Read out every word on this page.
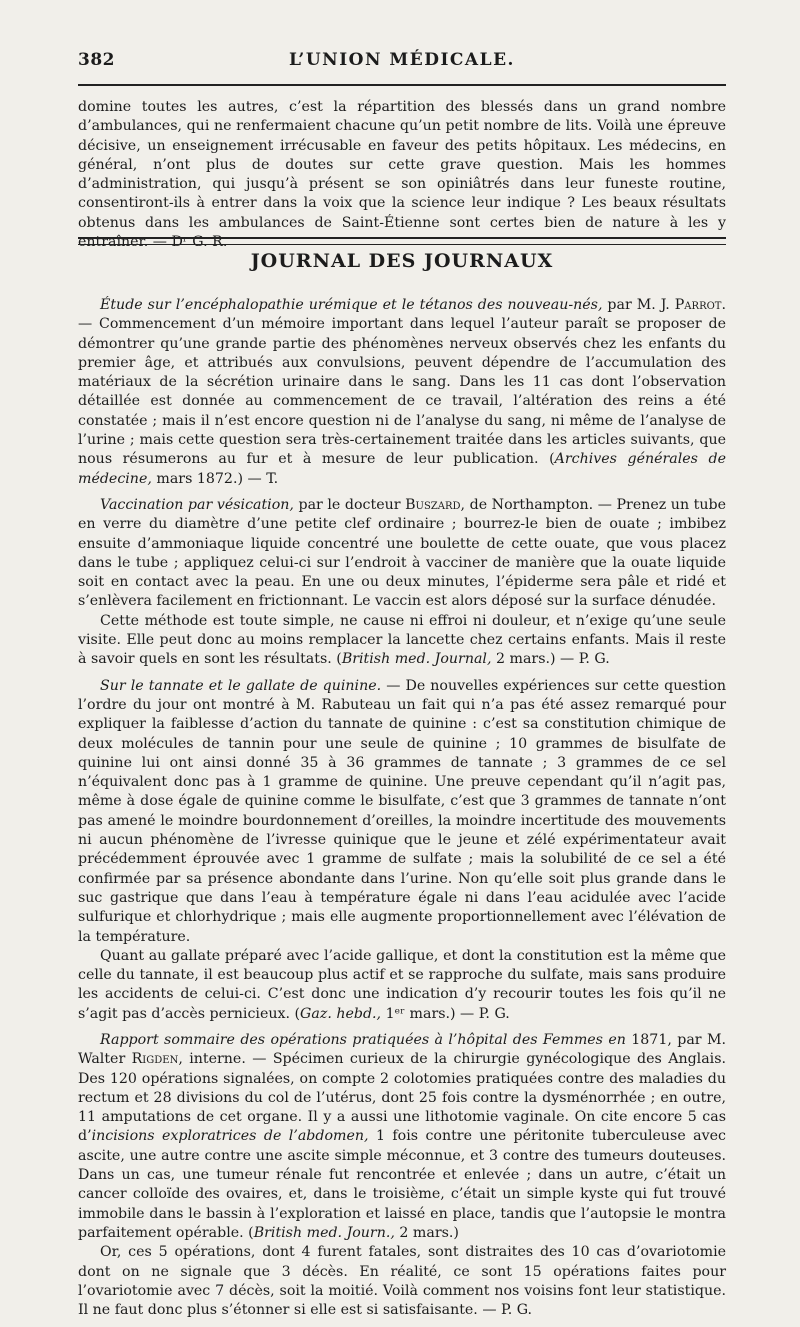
382	L’UNION MÉDICALE.

domine toutes les autres, c’est la répartition des blessés dans un grand nombre d’ambulances, qui ne renfermaient chacune qu’un petit nombre de lits. Voilà une épreuve décisive, un enseignement irrécusable en faveur des petits hôpitaux. Les médecins, en général, n’ont plus de doutes sur cette grave question. Mais les hommes d’administration, qui jusqu’à présent se son opiniâtrés dans leur funeste routine, consentiront-ils à entrer dans la voix que la science leur indique ? Les beaux résultats obtenus dans les ambulances de Saint-Étienne sont certes bien de nature à les y entraîner. — Dʳ G. R.

JOURNAL DES JOURNAUX

Étude sur l’encéphalopathie urémique et le tétanos des nouveau-nés, par M. J. Parrot. — Commencement d’un mémoire important dans lequel l’auteur paraît se proposer de démontrer qu’une grande partie des phénomènes nerveux observés chez les enfants du premier âge, et attribués aux convulsions, peuvent dépendre de l’accumulation des matériaux de la sécrétion urinaire dans le sang. Dans les 11 cas dont l’observation détaillée est donnée au commencement de ce travail, l’altération des reins a été constatée ; mais il n’est encore question ni de l’analyse du sang, ni même de l’analyse de l’urine ; mais cette question sera très-certainement traitée dans les articles suivants, que nous résumerons au fur et à mesure de leur publication. (Archives générales de médecine, mars 1872.) — T.

Vaccination par vésication, par le docteur Buszard, de Northampton. — Prenez un tube en verre du diamètre d’une petite clef ordinaire ; bourrez-le bien de ouate ; imbibez ensuite d’ammoniaque liquide concentré une boulette de cette ouate, que vous placez dans le tube ; appliquez celui-ci sur l’endroit à vacciner de manière que la ouate liquide soit en contact avec la peau. En une ou deux minutes, l’épiderme sera pâle et ridé et s’enlèvera facilement en frictionnant. Le vaccin est alors déposé sur la surface dénudée.

Cette méthode est toute simple, ne cause ni effroi ni douleur, et n’exige qu’une seule visite. Elle peut donc au moins remplacer la lancette chez certains enfants. Mais il reste à savoir quels en sont les résultats. (British med. Journal, 2 mars.) — P. G.

Sur le tannate et le gallate de quinine. — De nouvelles expériences sur cette question l’ordre du jour ont montré à M. Rabuteau un fait qui n’a pas été assez remarqué pour expliquer la faiblesse d’action du tannate de quinine : c’est sa constitution chimique de deux molécules de tannin pour une seule de quinine ; 10 grammes de bisulfate de quinine lui ont ainsi donné 35 à 36 grammes de tannate ; 3 grammes de ce sel n’équivalent donc pas à 1 gramme de quinine. Une preuve cependant qu’il n’agit pas, même à dose égale de quinine comme le bisulfate, c’est que 3 grammes de tannate n’ont pas amené le moindre bourdonnement d’oreilles, la moindre incertitude des mouvements ni aucun phénomène de l’ivresse quinique que le jeune et zélé expérimentateur avait précédemment éprouvée avec 1 gramme de sulfate ; mais la solubilité de ce sel a été confirmée par sa présence abondante dans l’urine. Non qu’elle soit plus grande dans le suc gastrique que dans l’eau à température égale ni dans l’eau acidulée avec l’acide sulfurique et chlorhydrique ; mais elle augmente proportionnellement avec l’élévation de la température.

Quant au gallate préparé avec l’acide gallique, et dont la constitution est la même que celle du tannate, il est beaucoup plus actif et se rapproche du sulfate, mais sans produire les accidents de celui-ci. C’est donc une indication d’y recourir toutes les fois qu’il ne s’agit pas d’accès pernicieux. (Gaz. hebd., 1ᵉʳ mars.) — P. G.

Rapport sommaire des opérations pratiquées à l’hôpital des Femmes en 1871, par M. Walter Rigden, interne. — Spécimen curieux de la chirurgie gynécologique des Anglais. Des 120 opérations signalées, on compte 2 colotomies pratiquées contre des maladies du rectum et 28 divisions du col de l’utérus, dont 25 fois contre la dysménorrhée ; en outre, 11 amputations de cet organe. Il y a aussi une lithotomie vaginale. On cite encore 5 cas d’incisions exploratrices de l’abdomen, 1 fois contre une péritonite tuberculeuse avec ascite, une autre contre une ascite simple méconnue, et 3 contre des tumeurs douteuses. Dans un cas, une tumeur rénale fut rencontrée et enlevée ; dans un autre, c’était un cancer colloïde des ovaires, et, dans le troisième, c’était un simple kyste qui fut trouvé immobile dans le bassin à l’exploration et laissé en place, tandis que l’autopsie le montra parfaitement opérable. (British med. Journ., 2 mars.)

Or, ces 5 opérations, dont 4 furent fatales, sont distraites des 10 cas d’ovariotomie dont on ne signale que 3 décès. En réalité, ce sont 15 opérations faites pour l’ovariotomie avec 7 décès, soit la moitié. Voilà comment nos voisins font leur statistique. Il ne faut donc plus s’étonner si elle est si satisfaisante. — P. G.
